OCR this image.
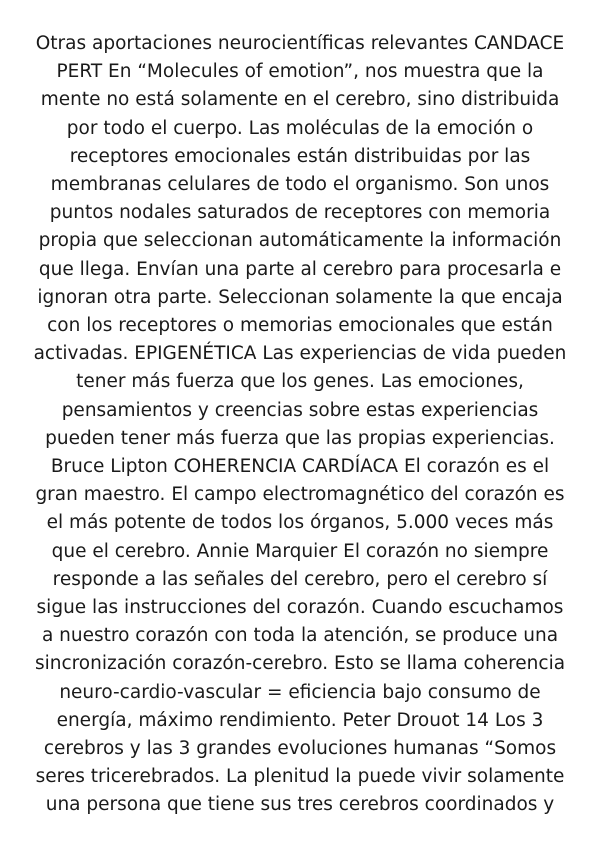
Otras aportaciones neurocientíficas relevantes CANDACE
PERT En “Molecules of emotion”, nos muestra que la
mente no está solamente en el cerebro, sino distribuida
por todo el cuerpo. Las moléculas de la emoción o
receptores emocionales están distribuidas por las
membranas celulares de todo el organismo. Son unos
puntos nodales saturados de receptores con memoria
propia que seleccionan automáticamente la información
que llega. Envían una parte al cerebro para procesarla e
ignoran otra parte. Seleccionan solamente la que encaja
con los receptores o memorias emocionales que están
activadas. EPIGENÉTICA Las experiencias de vida pueden
tener más fuerza que los genes. Las emociones,
pensamientos y creencias sobre estas experiencias
pueden tener más fuerza que las propias experiencias.
Bruce Lipton COHERENCIA CARDÍACA El corazón es el
gran maestro. El campo electromagnético del corazón es
el más potente de todos los órganos, 5.000 veces más
que el cerebro. Annie Marquier El corazón no siempre
responde a las señales del cerebro, pero el cerebro sí
sigue las instrucciones del corazón. Cuando escuchamos
a nuestro corazón con toda la atención, se produce una
sincronización corazón-cerebro. Esto se llama coherencia
neuro-cardio-vascular = eficiencia bajo consumo de
energía, máximo rendimiento. Peter Drouot 14 Los 3
cerebros y las 3 grandes evoluciones humanas “Somos
seres tricerebrados. La plenitud la puede vivir solamente
una persona que tiene sus tres cerebros coordinados y
